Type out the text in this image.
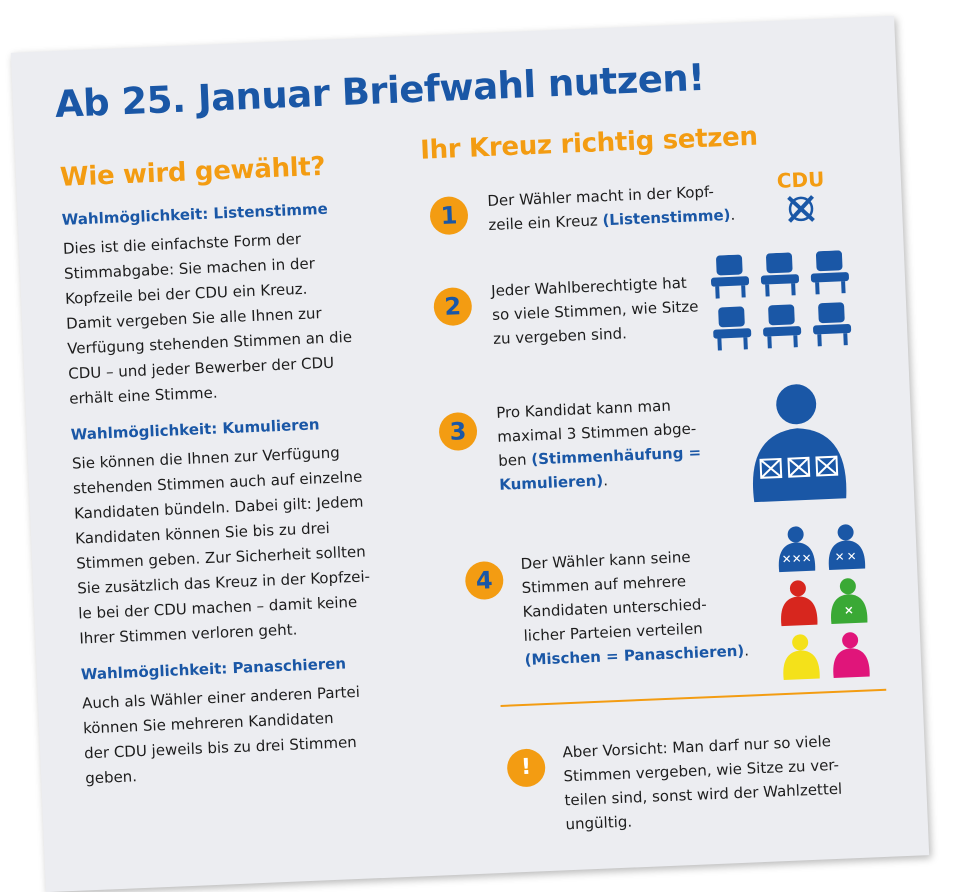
Ab 25. Januar Briefwahl nutzen!
Wie wird gewählt?

Wahlmöglichkeit: Listenstimme

Dies ist die einfachste Form der
Stimmabgabe: Sie machen in der
Kopfzeile bei der CDU ein Kreuz.
Damit vergeben Sie alle Ihnen zur
Verfügung stehenden Stimmen an die
CDU – und jeder Bewerber der CDU
erhält eine Stimme.

Wahlmöglichkeit: Kumulieren

Sie können die Ihnen zur Verfügung
stehenden Stimmen auch auf einzelne
Kandidaten bündeln. Dabei gilt: Jedem
Kandidaten können Sie bis zu drei
Stimmen geben. Zur Sicherheit sollten
Sie zusätzlich das Kreuz in der Kopfzei-
le bei der CDU machen – damit keine
Ihrer Stimmen verloren geht.

Wahlmöglichkeit: Panaschieren

Auch als Wähler einer anderen Partei
können Sie mehreren Kandidaten
der CDU jeweils bis zu drei Stimmen
geben.

Ihr Kreuz richtig setzen
1
Der Wähler macht in der Kopf-
zeile ein Kreuz (Listenstimme).
CDU
2
Jeder Wahlberechtigte hat
so viele Stimmen, wie Sitze
zu vergeben sind.
3
Pro Kandidat kann man
maximal 3 Stimmen abge-
ben (Stimmenhäufung =
Kumulieren).
4
Der Wähler kann seine
Stimmen auf mehrere
Kandidaten unterschied-
licher Parteien verteilen
(Mischen = Panaschieren).
!
Aber Vorsicht: Man darf nur so viele
Stimmen vergeben, wie Sitze zu ver-
teilen sind, sonst wird der Wahlzettel
ungültig.
